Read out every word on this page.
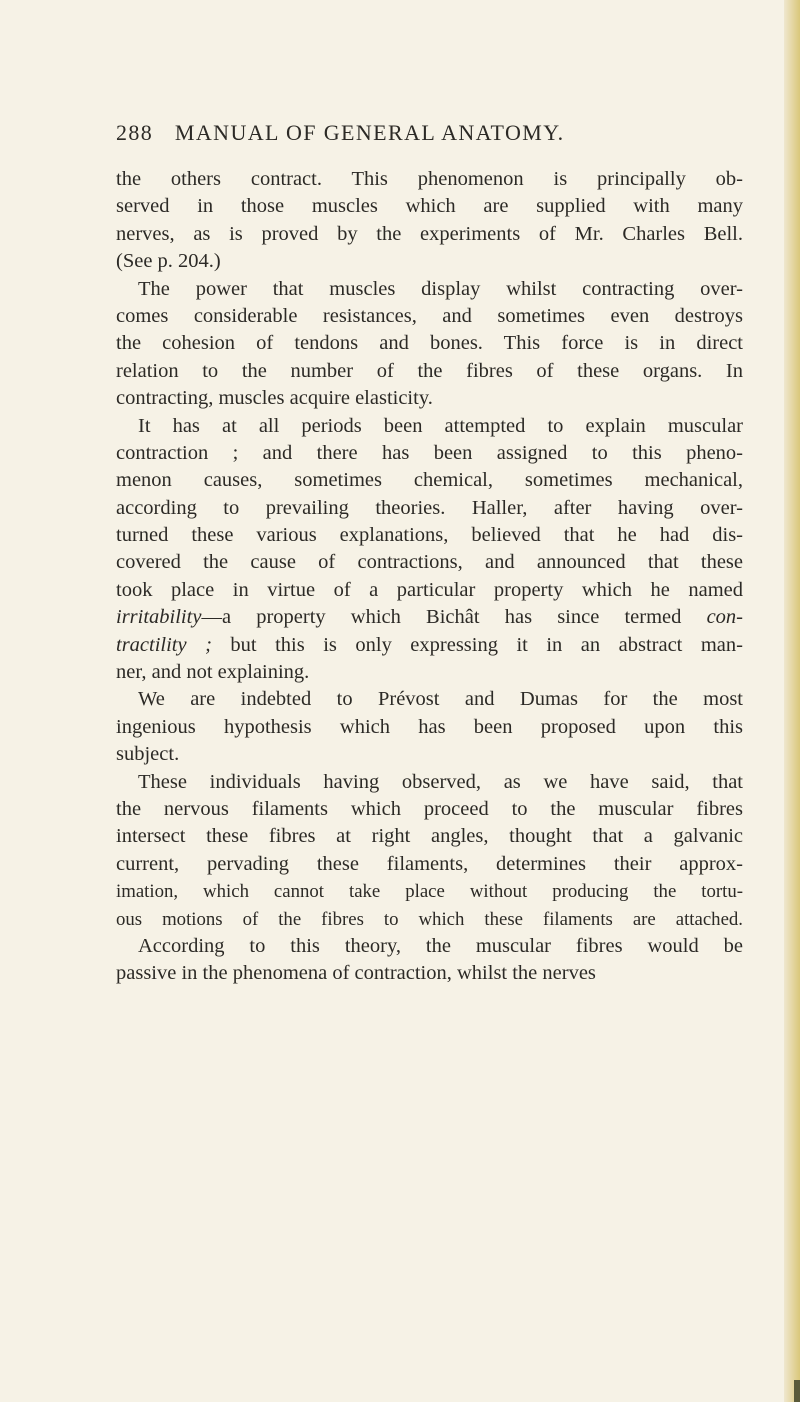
288 MANUAL OF GENERAL ANATOMY.
the others contract. This phenomenon is principally ob-
served in those muscles which are supplied with many
nerves, as is proved by the experiments of Mr. Charles Bell.
(See p. 204.)
The power that muscles display whilst contracting over-
comes considerable resistances, and sometimes even destroys
the cohesion of tendons and bones. This force is in direct
relation to the number of the fibres of these organs. In
contracting, muscles acquire elasticity.
It has at all periods been attempted to explain muscular
contraction ; and there has been assigned to this pheno-
menon causes, sometimes chemical, sometimes mechanical,
according to prevailing theories. Haller, after having over-
turned these various explanations, believed that he had dis-
covered the cause of contractions, and announced that these
took place in virtue of a particular property which he named
irritability—a property which Bichât has since termed con-
tractility ; but this is only expressing it in an abstract man-
ner, and not explaining.
We are indebted to Prévost and Dumas for the most
ingenious hypothesis which has been proposed upon this
subject.
These individuals having observed, as we have said, that
the nervous filaments which proceed to the muscular fibres
intersect these fibres at right angles, thought that a galvanic
current, pervading these filaments, determines their approx-
imation, which cannot take place without producing the tortu-
ous motions of the fibres to which these filaments are attached.
According to this theory, the muscular fibres would be
passive in the phenomena of contraction, whilst the nerves
